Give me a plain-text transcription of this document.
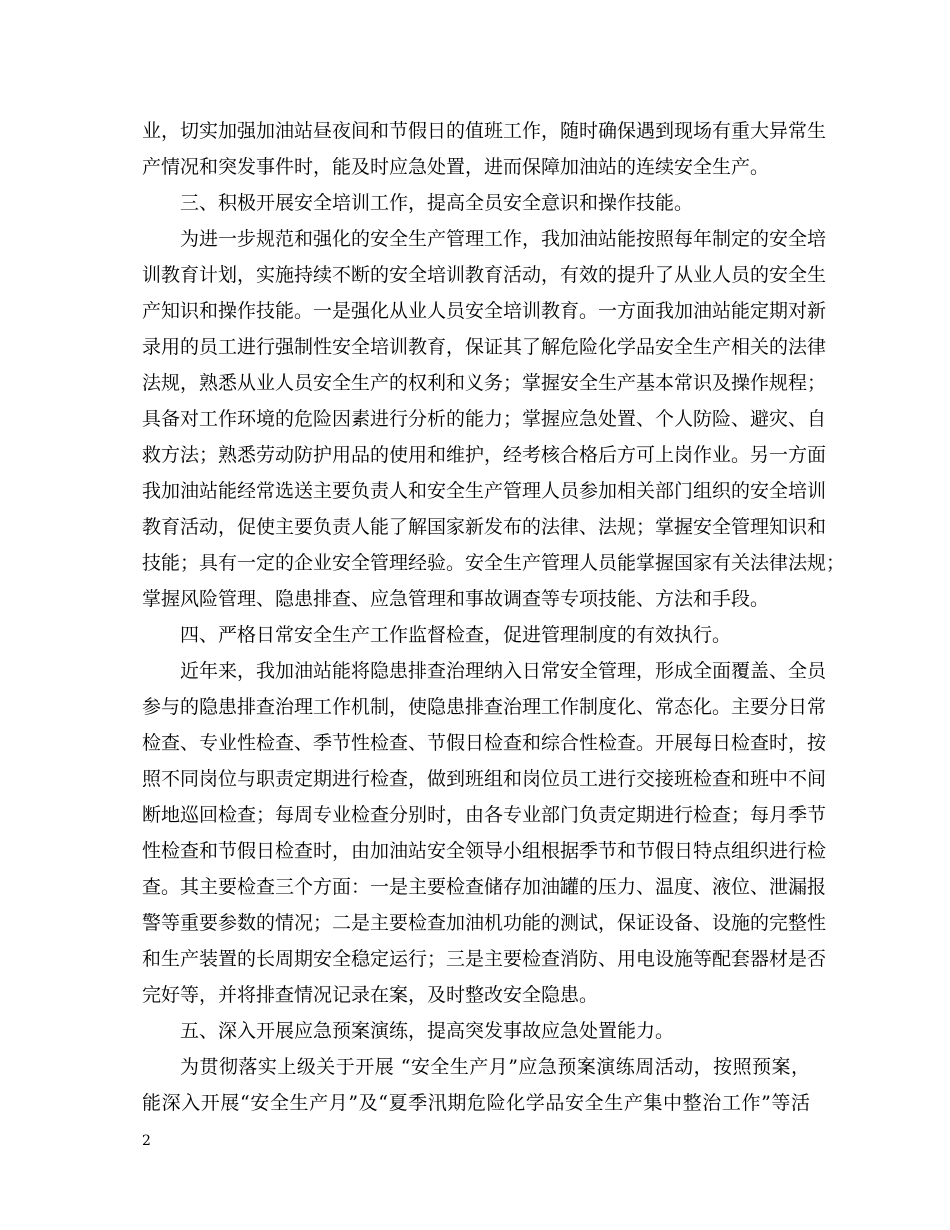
业，切实加强加油站昼夜间和节假日的值班工作，随时确保遇到现场有重大异常生
产情况和突发事件时，能及时应急处置，进而保障加油站的连续安全生产。
三、积极开展安全培训工作，提高全员安全意识和操作技能。
为进一步规范和强化的安全生产管理工作，我加油站能按照每年制定的安全培
训教育计划，实施持续不断的安全培训教育活动，有效的提升了从业人员的安全生
产知识和操作技能。一是强化从业人员安全培训教育。一方面我加油站能定期对新
录用的员工进行强制性安全培训教育，保证其了解危险化学品安全生产相关的法律
法规，熟悉从业人员安全生产的权利和义务；掌握安全生产基本常识及操作规程；
具备对工作环境的危险因素进行分析的能力；掌握应急处置、个人防险、避灾、自
救方法；熟悉劳动防护用品的使用和维护，经考核合格后方可上岗作业。另一方面
我加油站能经常选送主要负责人和安全生产管理人员参加相关部门组织的安全培训
教育活动，促使主要负责人能了解国家新发布的法律、法规；掌握安全管理知识和
技能；具有一定的企业安全管理经验。安全生产管理人员能掌握国家有关法律法规；
掌握风险管理、隐患排查、应急管理和事故调查等专项技能、方法和手段。
四、严格日常安全生产工作监督检查，促进管理制度的有效执行。
近年来，我加油站能将隐患排查治理纳入日常安全管理，形成全面覆盖、全员
参与的隐患排查治理工作机制，使隐患排查治理工作制度化、常态化。主要分日常
检查、专业性检查、季节性检查、节假日检查和综合性检查。开展每日检查时，按
照不同岗位与职责定期进行检查，做到班组和岗位员工进行交接班检查和班中不间
断地巡回检查；每周专业检查分别时，由各专业部门负责定期进行检查；每月季节
性检查和节假日检查时，由加油站安全领导小组根据季节和节假日特点组织进行检
查。其主要检查三个方面：一是主要检查储存加油罐的压力、温度、液位、泄漏报
警等重要参数的情况；二是主要检查加油机功能的测试，保证设备、设施的完整性
和生产装置的长周期安全稳定运行；三是主要检查消防、用电设施等配套器材是否
完好等，并将排查情况记录在案，及时整改安全隐患。
五、深入开展应急预案演练，提高突发事故应急处置能力。
为贯彻落实上级关于开展 “安全生产月”应急预案演练周活动，按照预案，
能深入开展“安全生产月”及“夏季汛期危险化学品安全生产集中整治工作”等活
2
